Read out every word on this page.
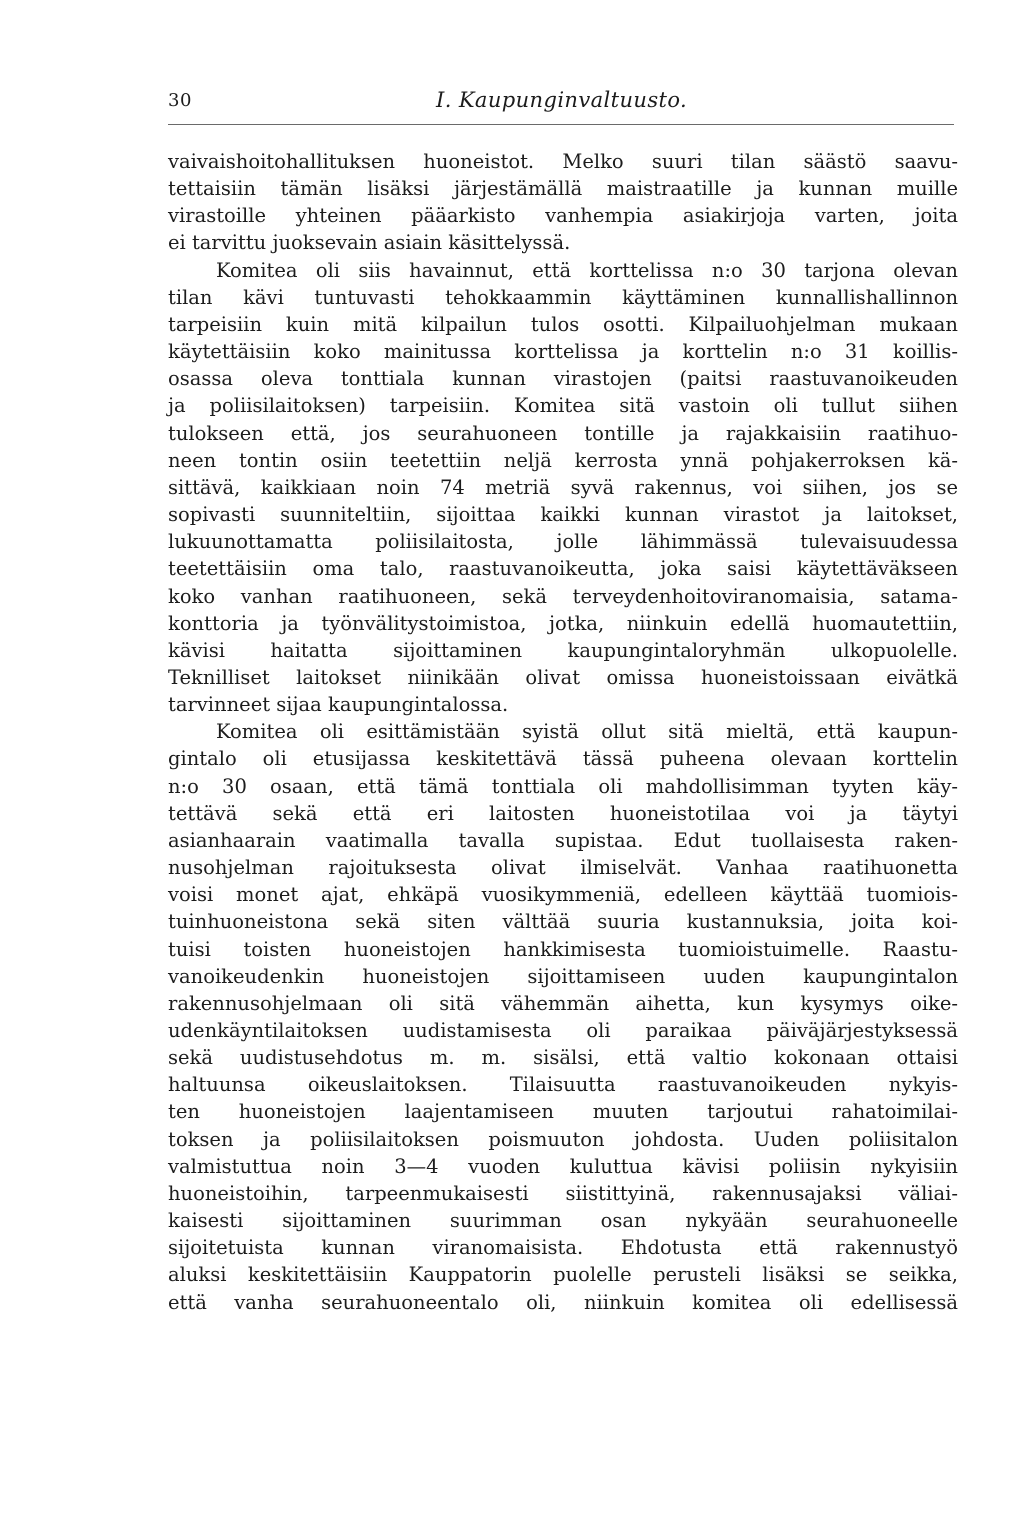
30	I. Kaupunginvaltuusto.
vaivaishoitohallituksen huoneistot. Melko suuri tilan säästö saavu-
tettaisiin tämän lisäksi järjestämällä maistraatille ja kunnan muille
virastoille yhteinen pääarkisto vanhempia asiakirjoja varten, joita
ei tarvittu juoksevain asiain käsittelyssä.
Komitea oli siis havainnut, että korttelissa n:o 30 tarjona olevan
tilan kävi tuntuvasti tehokkaammin käyttäminen kunnallishallinnon
tarpeisiin kuin mitä kilpailun tulos osotti. Kilpailuohjelman mukaan
käytettäisiin koko mainitussa korttelissa ja korttelin n:o 31 koillis-
osassa oleva tonttiala kunnan virastojen (paitsi raastuvanoikeuden
ja poliisilaitoksen) tarpeisiin. Komitea sitä vastoin oli tullut siihen
tulokseen että, jos seurahuoneen tontille ja rajakkaisiin raatihuo-
neen tontin osiin teetettiin neljä kerrosta ynnä pohjakerroksen kä-
sittävä, kaikkiaan noin 74 metriä syvä rakennus, voi siihen, jos se
sopivasti suunniteltiin, sijoittaa kaikki kunnan virastot ja laitokset,
lukuunottamatta poliisilaitosta, jolle lähimmässä tulevaisuudessa
teetettäisiin oma talo, raastuvanoikeutta, joka saisi käytettäväkseen
koko vanhan raatihuoneen, sekä terveydenhoitoviranomaisia, satama-
konttoria ja työnvälitystoimistoa, jotka, niinkuin edellä huomautettiin,
kävisi haitatta sijoittaminen kaupungintaloryhmän ulkopuolelle.
Teknilliset laitokset niinikään olivat omissa huoneistoissaan eivätkä
tarvinneet sijaa kaupungintalossa.
Komitea oli esittämistään syistä ollut sitä mieltä, että kaupun-
gintalo oli etusijassa keskitettävä tässä puheena olevaan korttelin
n:o 30 osaan, että tämä tonttiala oli mahdollisimman tyyten käy-
tettävä sekä että eri laitosten huoneistotilaa voi ja täytyi
asianhaarain vaatimalla tavalla supistaa. Edut tuollaisesta raken-
nusohjelman rajoituksesta olivat ilmiselvät. Vanhaa raatihuonetta
voisi monet ajat, ehkäpä vuosikymmeniä, edelleen käyttää tuomiois-
tuinhuoneistona sekä siten välttää suuria kustannuksia, joita koi-
tuisi toisten huoneistojen hankkimisesta tuomioistuimelle. Raastu-
vanoikeudenkin huoneistojen sijoittamiseen uuden kaupungintalon
rakennusohjelmaan oli sitä vähemmän aihetta, kun kysymys oike-
udenkäyntilaitoksen uudistamisesta oli paraikaa päiväjärjestyksessä
sekä uudistusehdotus m. m. sisälsi, että valtio kokonaan ottaisi
haltuunsa oikeuslaitoksen. Tilaisuutta raastuvanoikeuden nykyis-
ten huoneistojen laajentamiseen muuten tarjoutui rahatoimilai-
toksen ja poliisilaitoksen poismuuton johdosta. Uuden poliisitalon
valmistuttua noin 3—4 vuoden kuluttua kävisi poliisin nykyisiin
huoneistoihin, tarpeenmukaisesti siistittyinä, rakennusajaksi väliai-
kaisesti sijoittaminen suurimman osan nykyään seurahuoneelle
sijoitetuista kunnan viranomaisista. Ehdotusta että rakennustyö
aluksi keskitettäisiin Kauppatorin puolelle perusteli lisäksi se seikka,
että vanha seurahuoneentalo oli, niinkuin komitea oli edellisessä
